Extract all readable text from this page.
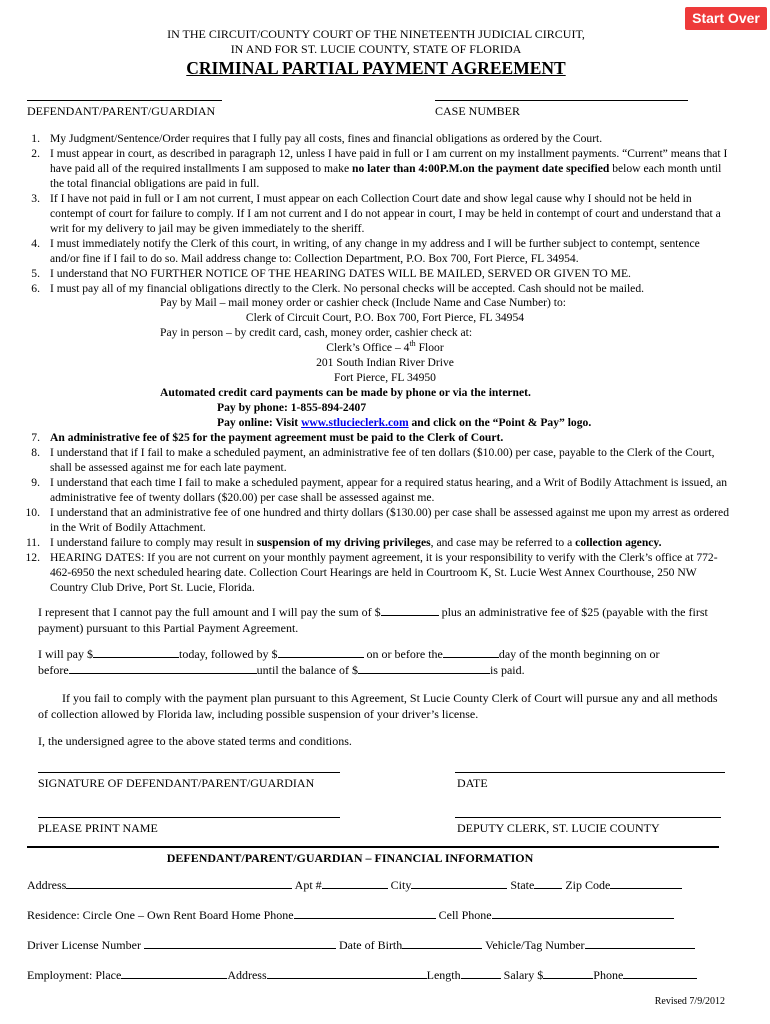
Start Over
IN THE CIRCUIT/COUNTY COURT OF THE NINETEENTH JUDICIAL CIRCUIT,
IN AND FOR ST. LUCIE COUNTY, STATE OF FLORIDA
CRIMINAL PARTIAL PAYMENT AGREEMENT
DEFENDANT/PARENT/GUARDIAN	CASE NUMBER
1. My Judgment/Sentence/Order requires that I fully pay all costs, fines and financial obligations as ordered by the Court.
2. I must appear in court, as described in paragraph 12, unless I have paid in full or I am current on my installment payments. “Current” means that I have paid all of the required installments I am supposed to make no later than 4:00P.M.on the payment date specified below each month until the total financial obligations are paid in full.
3. If I have not paid in full or I am not current, I must appear on each Collection Court date and show legal cause why I should not be held in contempt of court for failure to comply. If I am not current and I do not appear in court, I may be held in contempt of court and understand that a writ for my delivery to jail may be given immediately to the sheriff.
4. I must immediately notify the Clerk of this court, in writing, of any change in my address and I will be further subject to contempt, sentence and/or fine if I fail to do so. Mail address change to: Collection Department, P.O. Box 700, Fort Pierce, FL 34954.
5. I understand that NO FURTHER NOTICE OF THE HEARING DATES WILL BE MAILED, SERVED OR GIVEN TO ME.
6. I must pay all of my financial obligations directly to the Clerk. No personal checks will be accepted. Cash should not be mailed.
Pay by Mail – mail money order or cashier check (Include Name and Case Number) to:
Clerk of Circuit Court, P.O. Box 700, Fort Pierce, FL 34954
Pay in person – by credit card, cash, money order, cashier check at:
Clerk’s Office – 4th Floor
201 South Indian River Drive
Fort Pierce, FL 34950
Automated credit card payments can be made by phone or via the internet.
Pay by phone: 1-855-894-2407
Pay online: Visit www.stlucieclerk.com and click on the “Point & Pay” logo.
7. An administrative fee of $25 for the payment agreement must be paid to the Clerk of Court.
8. I understand that if I fail to make a scheduled payment, an administrative fee of ten dollars ($10.00) per case, payable to the Clerk of the Court, shall be assessed against me for each late payment.
9. I understand that each time I fail to make a scheduled payment, appear for a required status hearing, and a Writ of Bodily Attachment is issued, an administrative fee of twenty dollars ($20.00) per case shall be assessed against me.
10. I understand that an administrative fee of one hundred and thirty dollars ($130.00) per case shall be assessed against me upon my arrest as ordered in the Writ of Bodily Attachment.
11. I understand failure to comply may result in suspension of my driving privileges, and case may be referred to a collection agency.
12. HEARING DATES: If you are not current on your monthly payment agreement, it is your responsibility to verify with the Clerk’s office at 772-462-6950 the next scheduled hearing date. Collection Court Hearings are held in Courtroom K, St. Lucie West Annex Courthouse, 250 NW Country Club Drive, Port St. Lucie, Florida.
I represent that I cannot pay the full amount and I will pay the sum of $	plus an administrative fee of $25 (payable with the first payment) pursuant to this Partial Payment Agreement.
I will pay $	today, followed by $	on or before the	day of the month beginning on or
before	until the balance of $	is paid.
If you fail to comply with the payment plan pursuant to this Agreement, St Lucie County Clerk of Court will pursue any and all methods of collection allowed by Florida law, including possible suspension of your driver’s license.
I, the undersigned agree to the above stated terms and conditions.
SIGNATURE OF DEFENDANT/PARENT/GUARDIAN	DATE
PLEASE PRINT NAME	DEPUTY CLERK, ST. LUCIE COUNTY
DEFENDANT/PARENT/GUARDIAN – FINANCIAL INFORMATION
Address	Apt #	City	State Zip Code
Residence: Circle One – Own Rent Board Home Phone	Cell Phone
Driver License Number	Date of Birth	Vehicle/Tag Number
Employment: Place	Address	Length	Salary $	Phone
Revised 7/9/2012
